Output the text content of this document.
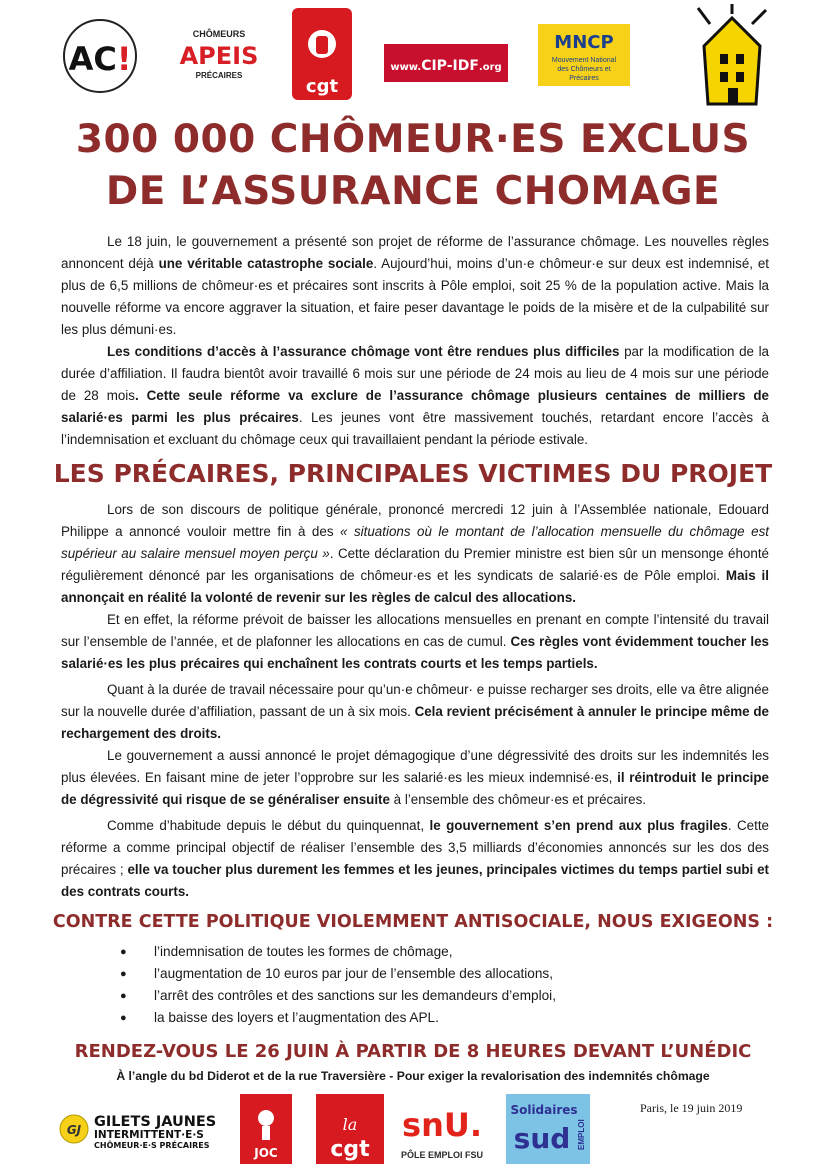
AC!
CHÔMEURS
APEIS
PRÉCAIRES
cgt
www.CIP-IDF.org
MNCP
Mouvement National
des Chômeurs et
Précaires
300 000 CHÔMEUR·ES EXCLUS
DE L’ASSURANCE CHOMAGE

Le 18 juin, le gouvernement a présenté son projet de réforme de l’assurance chômage. Les nouvelles règles annoncent déjà une véritable catastrophe sociale. Aujourd’hui, moins d’un·e chômeur·e sur deux est indemnisé, et plus de 6,5 millions de chômeur·es et précaires sont inscrits à Pôle emploi, soit 25 % de la population active. Mais la nouvelle réforme va encore aggraver la situation, et faire peser davantage le poids de la misère et de la culpabilité sur les plus démuni·es.

Les conditions d’accès à l’assurance chômage vont être rendues plus difficiles par la modification de la durée d’affiliation. Il faudra bientôt avoir travaillé 6 mois sur une période de 24 mois au lieu de 4 mois sur une période de 28 mois. Cette seule réforme va exclure de l’assurance chômage plusieurs centaines de milliers de salarié·es parmi les plus précaires. Les jeunes vont être massivement touchés, retardant encore l’accès à l’indemnisation et excluant du chômage ceux qui travaillaient pendant la période estivale.

LES PRÉCAIRES, PRINCIPALES VICTIMES DU PROJET

Lors de son discours de politique générale, prononcé mercredi 12 juin à l’Assemblée nationale, Edouard Philippe a annoncé vouloir mettre fin à des « situations où le montant de l’allocation mensuelle du chômage est supérieur au salaire mensuel moyen perçu ». Cette déclaration du Premier ministre est bien sûr un mensonge éhonté régulièrement dénoncé par les organisations de chômeur·es et les syndicats de salarié·es de Pôle emploi. Mais il annonçait en réalité la volonté de revenir sur les règles de calcul des allocations.

Et en effet, la réforme prévoit de baisser les allocations mensuelles en prenant en compte l’intensité du travail sur l’ensemble de l’année, et de plafonner les allocations en cas de cumul. Ces règles vont évidemment toucher les salarié·es les plus précaires qui enchaînent les contrats courts et les temps partiels.

Quant à la durée de travail nécessaire pour qu’un·e chômeur· e puisse recharger ses droits, elle va être alignée sur la nouvelle durée d’affiliation, passant de un à six mois. Cela revient précisément à annuler le principe même de rechargement des droits.

Le gouvernement a aussi annoncé le projet démagogique d’une dégressivité des droits sur les indemnités les plus élevées. En faisant mine de jeter l’opprobre sur les salarié·es les mieux indemnisé·es, il réintroduit le principe de dégressivité qui risque de se généraliser ensuite à l’ensemble des chômeur·es et précaires.

Comme d’habitude depuis le début du quinquennat, le gouvernement s’en prend aux plus fragiles. Cette réforme a comme principal objectif de réaliser l’ensemble des 3,5 milliards d’économies annoncés sur les dos des précaires ; elle va toucher plus durement les femmes et les jeunes, principales victimes du temps partiel subi et des contrats courts.

CONTRE CETTE POLITIQUE VIOLEMMENT ANTISOCIALE, NOUS EXIGEONS :
● l’indemnisation de toutes les formes de chômage,
● l’augmentation de 10 euros par jour de l’ensemble des allocations,
● l’arrêt des contrôles et des sanctions sur les demandeurs d’emploi,
● la baisse des loyers et l’augmentation des APL.
RENDEZ-VOUS LE 26 JUIN À PARTIR DE 8 HEURES DEVANT L’UNÉDIC
À l’angle du bd Diderot et de la rue Traversière - Pour exiger la revalorisation des indemnités chômage
GJ GILETS JAUNES
INTERMITTENT·E·S
CHÔMEUR·E·S PRÉCAIRES
JOC
la
cgt
snU.
PÔLE EMPLOI FSU
Solidaires
sud EMPLOI
Paris, le 19 juin 2019
